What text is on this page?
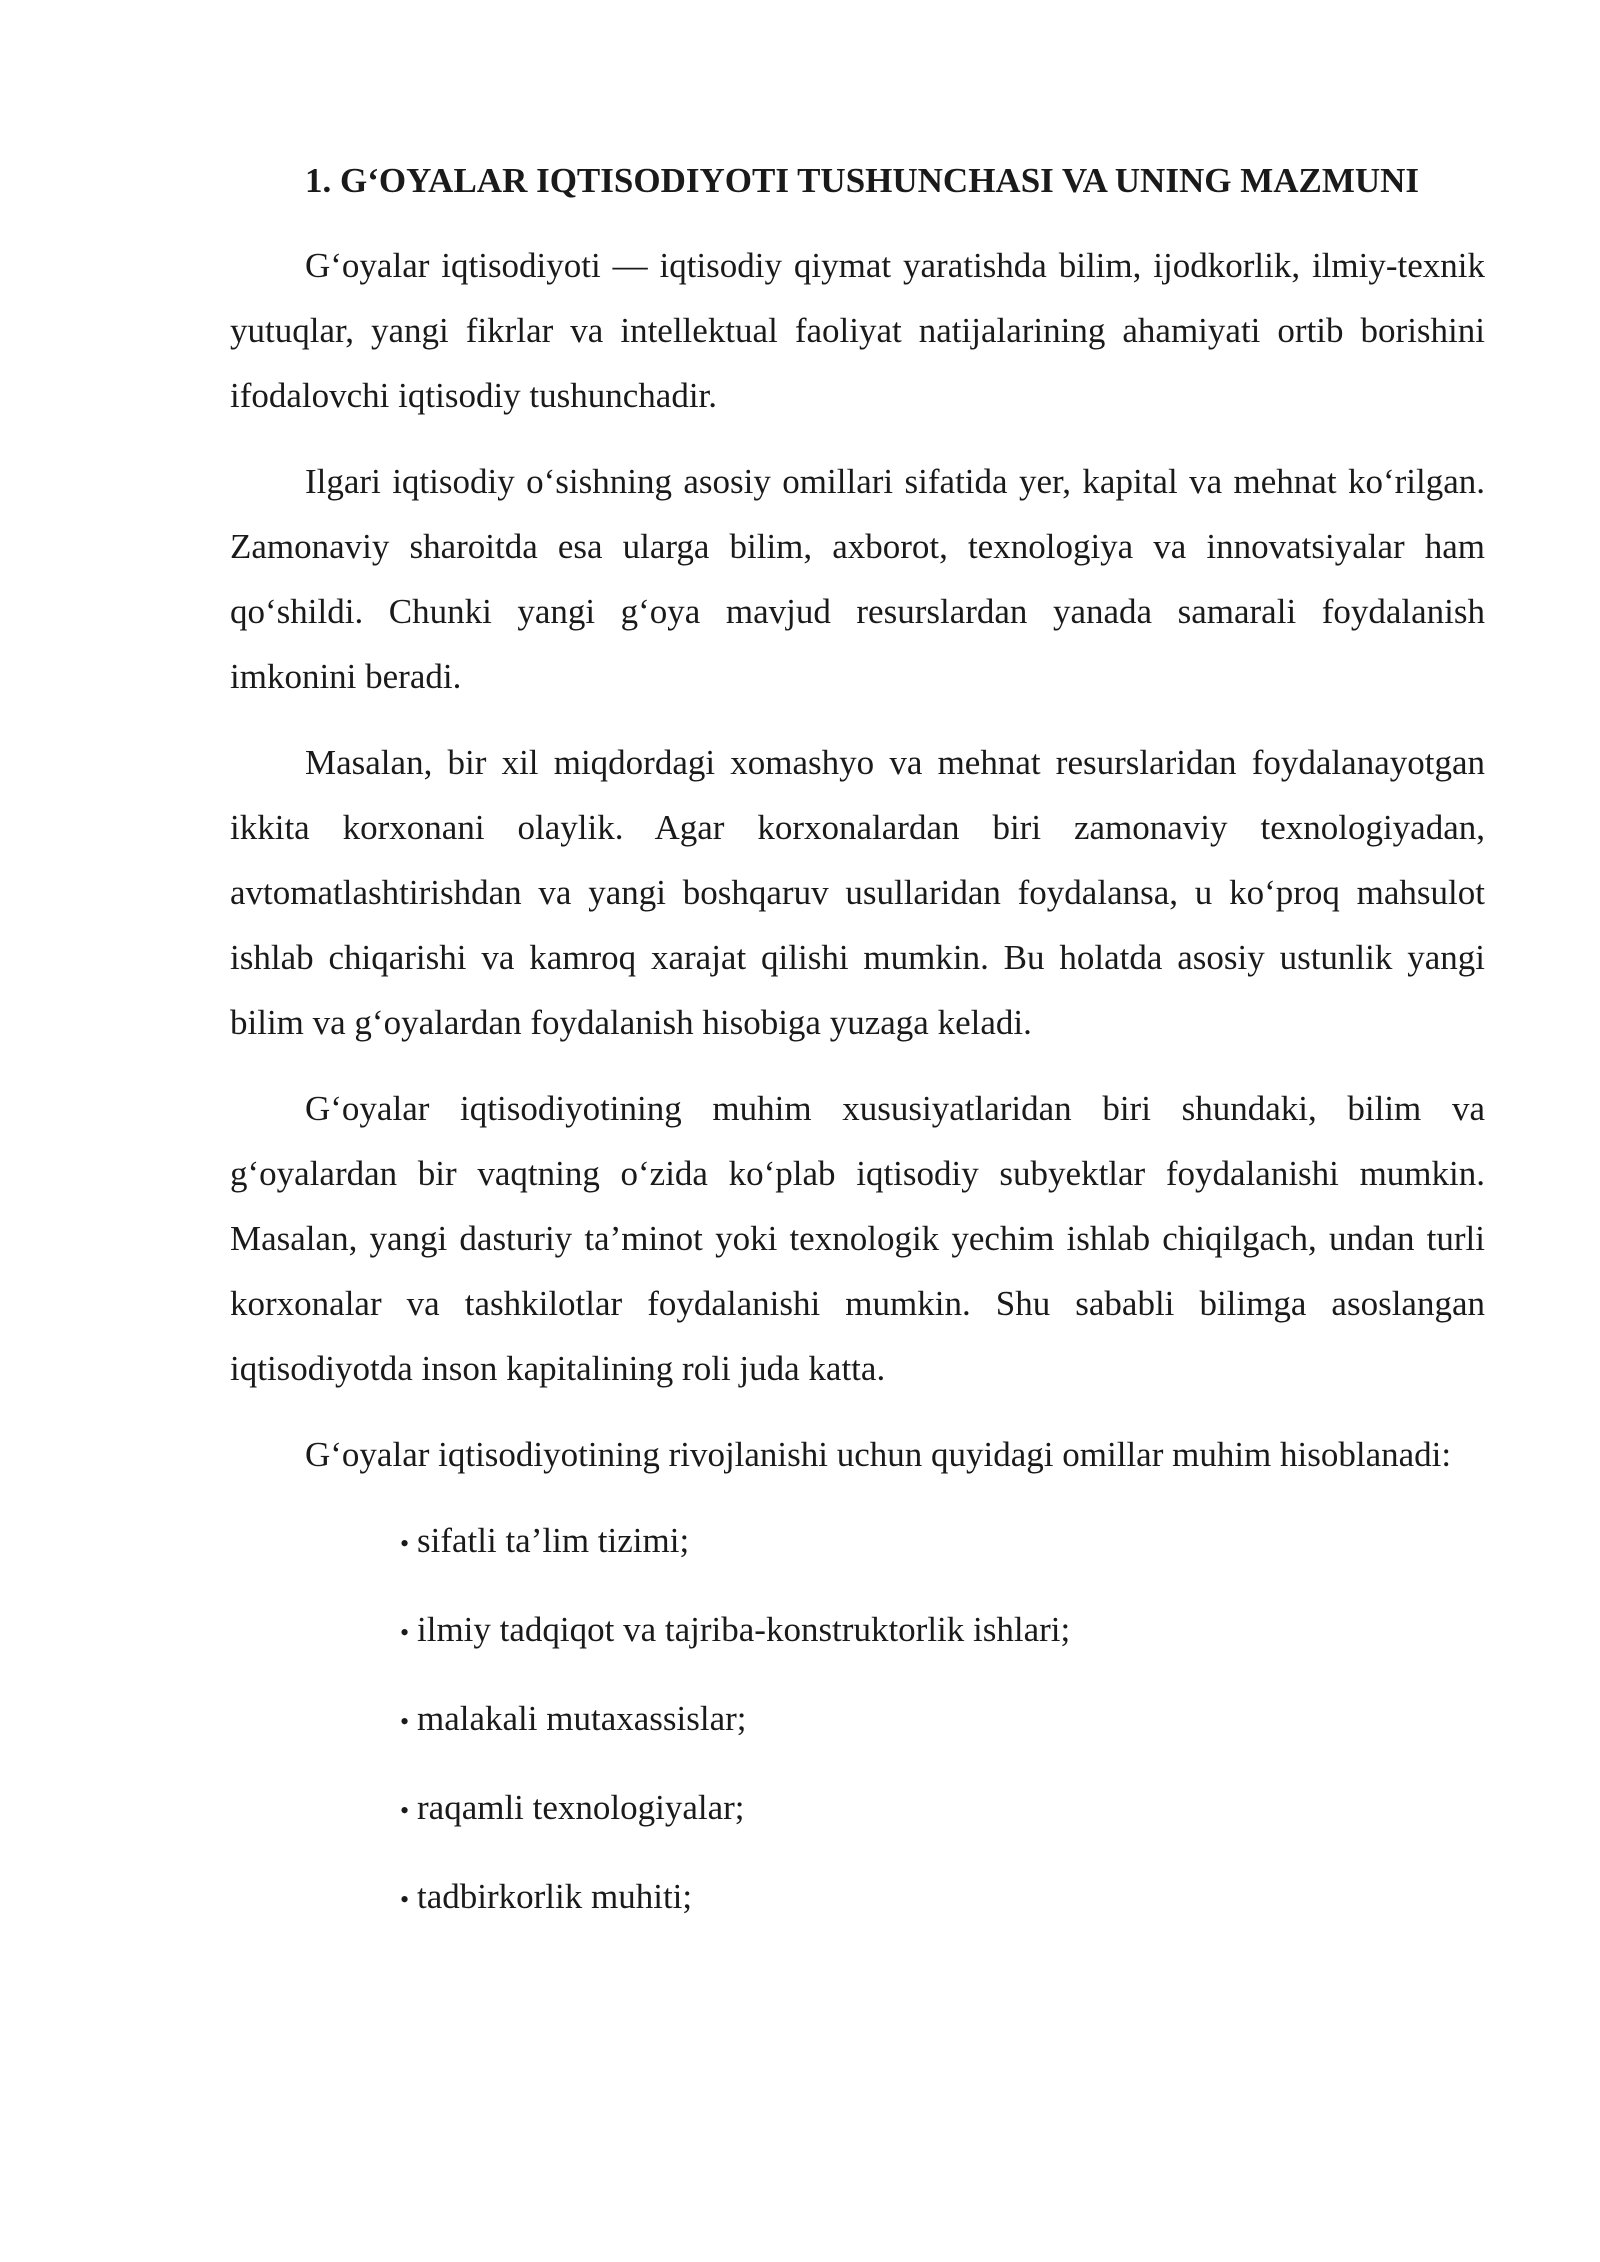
1. G‘OYALAR IQTISODIYOTI TUSHUNCHASI VA UNING MAZMUNI

G‘oyalar iqtisodiyoti — iqtisodiy qiymat yaratishda bilim, ijodkorlik, ilmiy-texnik yutuqlar, yangi fikrlar va intellektual faoliyat natijalarining ahamiyati ortib borishini ifodalovchi iqtisodiy tushunchadir.

Ilgari iqtisodiy o‘sishning asosiy omillari sifatida yer, kapital va mehnat ko‘rilgan. Zamonaviy sharoitda esa ularga bilim, axborot, texnologiya va innovatsiyalar ham qo‘shildi. Chunki yangi g‘oya mavjud resurslardan yanada samarali foydalanish imkonini beradi.

Masalan, bir xil miqdordagi xomashyo va mehnat resurslaridan foydalanayotgan ikkita korxonani olaylik. Agar korxonalardan biri zamonaviy texnologiyadan, avtomatlashtirishdan va yangi boshqaruv usullaridan foydalansa, u ko‘proq mahsulot ishlab chiqarishi va kamroq xarajat qilishi mumkin. Bu holatda asosiy ustunlik yangi bilim va g‘oyalardan foydalanish hisobiga yuzaga keladi.

G‘oyalar iqtisodiyotining muhim xususiyatlaridan biri shundaki, bilim va g‘oyalardan bir vaqtning o‘zida ko‘plab iqtisodiy subyektlar foydalanishi mumkin. Masalan, yangi dasturiy ta’minot yoki texnologik yechim ishlab chiqilgach, undan turli korxonalar va tashkilotlar foydalanishi mumkin. Shu sababli bilimga asoslangan iqtisodiyotda inson kapitalining roli juda katta.

G‘oyalar iqtisodiyotining rivojlanishi uchun quyidagi omillar muhim hisoblanadi:

• sifatli ta’lim tizimi;
• ilmiy tadqiqot va tajriba-konstruktorlik ishlari;
• malakali mutaxassislar;
• raqamli texnologiyalar;
• tadbirkorlik muhiti;
